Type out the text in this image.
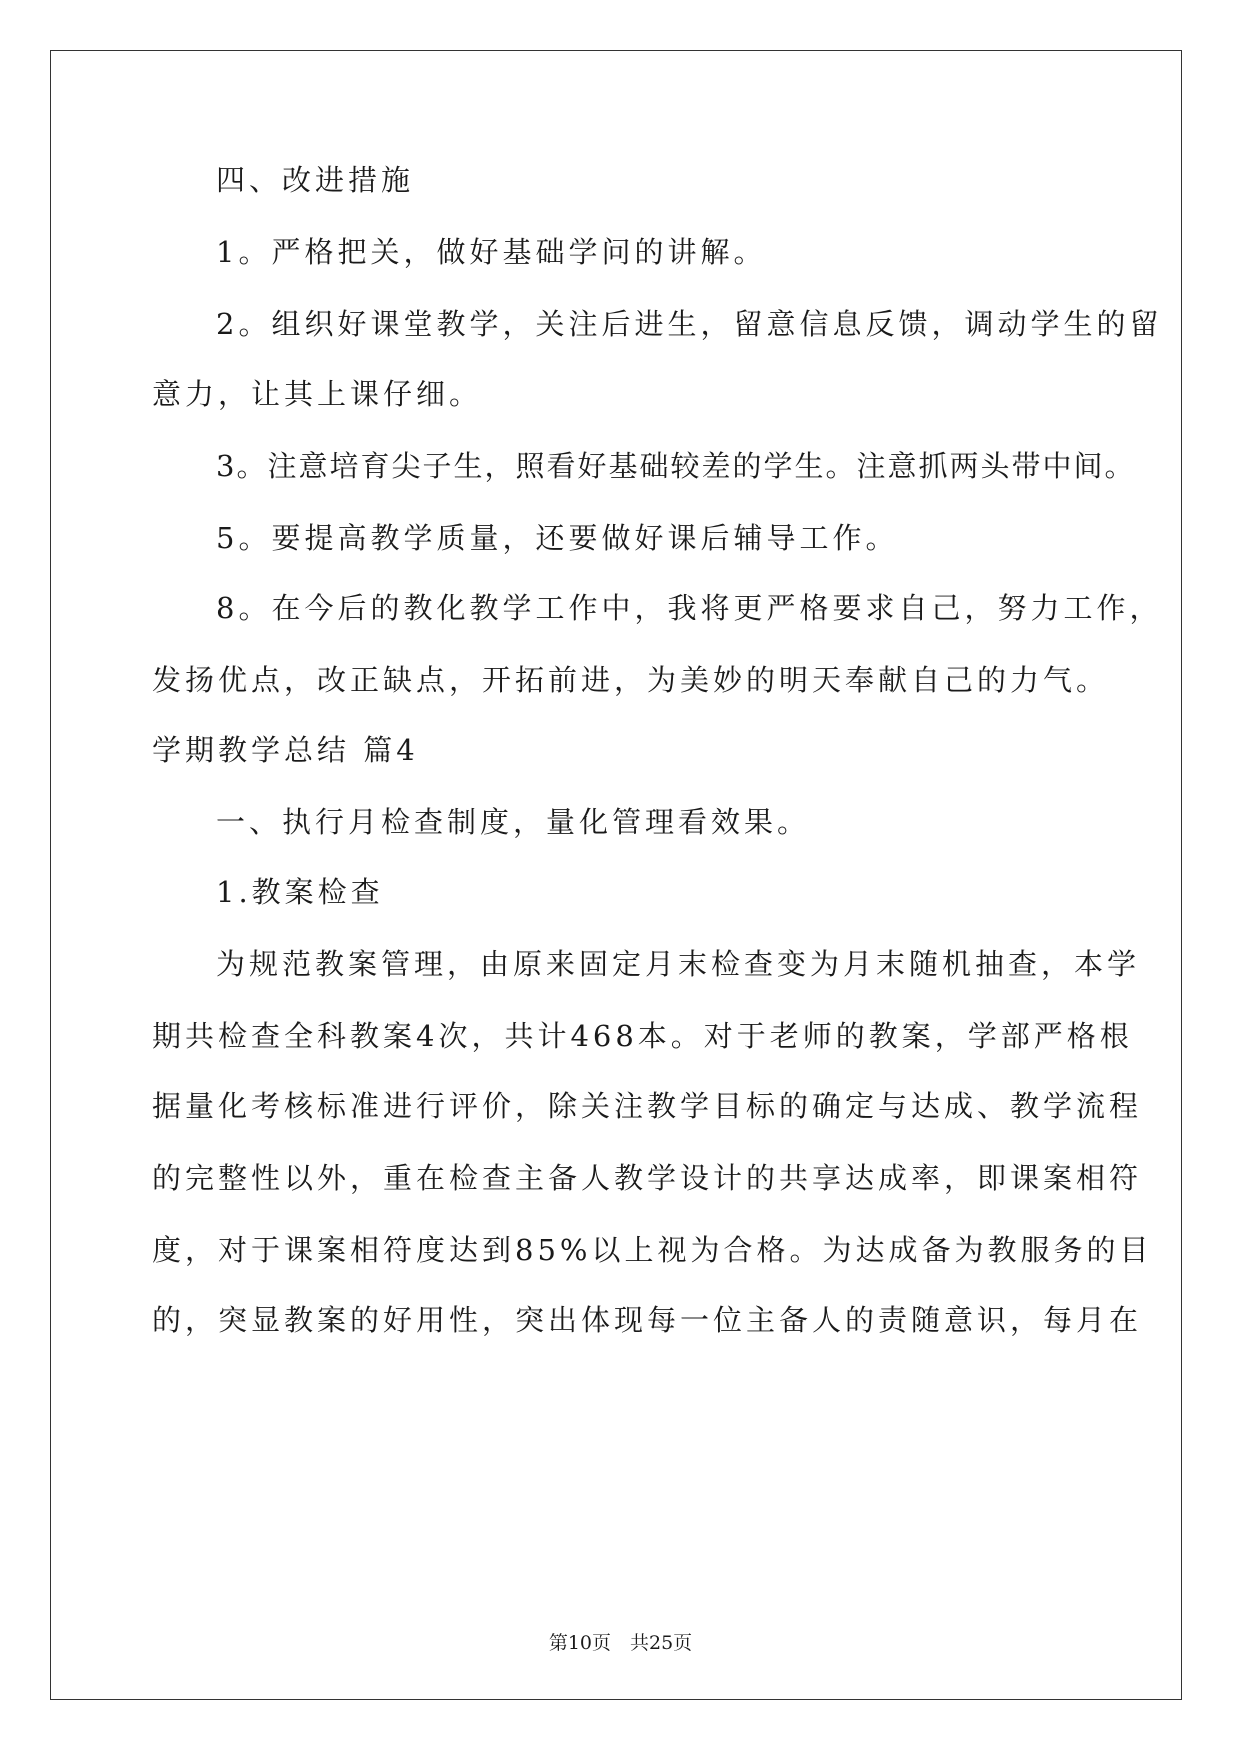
四、改进措施
1。严格把关，做好基础学问的讲解。
2。组织好课堂教学，关注后进生，留意信息反馈，调动学生的留
意力，让其上课仔细。
3。注意培育尖子生，照看好基础较差的学生。注意抓两头带中间。
5。要提高教学质量，还要做好课后辅导工作。
8。在今后的教化教学工作中，我将更严格要求自己，努力工作，
发扬优点，改正缺点，开拓前进，为美妙的明天奉献自己的力气。
学期教学总结 篇4
一、执行月检查制度，量化管理看效果。
1.教案检查
为规范教案管理，由原来固定月末检查变为月末随机抽查，本学
期共检查全科教案4次，共计468本。对于老师的教案，学部严格根
据量化考核标准进行评价，除关注教学目标的确定与达成、教学流程
的完整性以外，重在检查主备人教学设计的共享达成率，即课案相符
度，对于课案相符度达到85%以上视为合格。为达成备为教服务的目
的，突显教案的好用性，突出体现每一位主备人的责随意识，每月在
第10页　共25页
